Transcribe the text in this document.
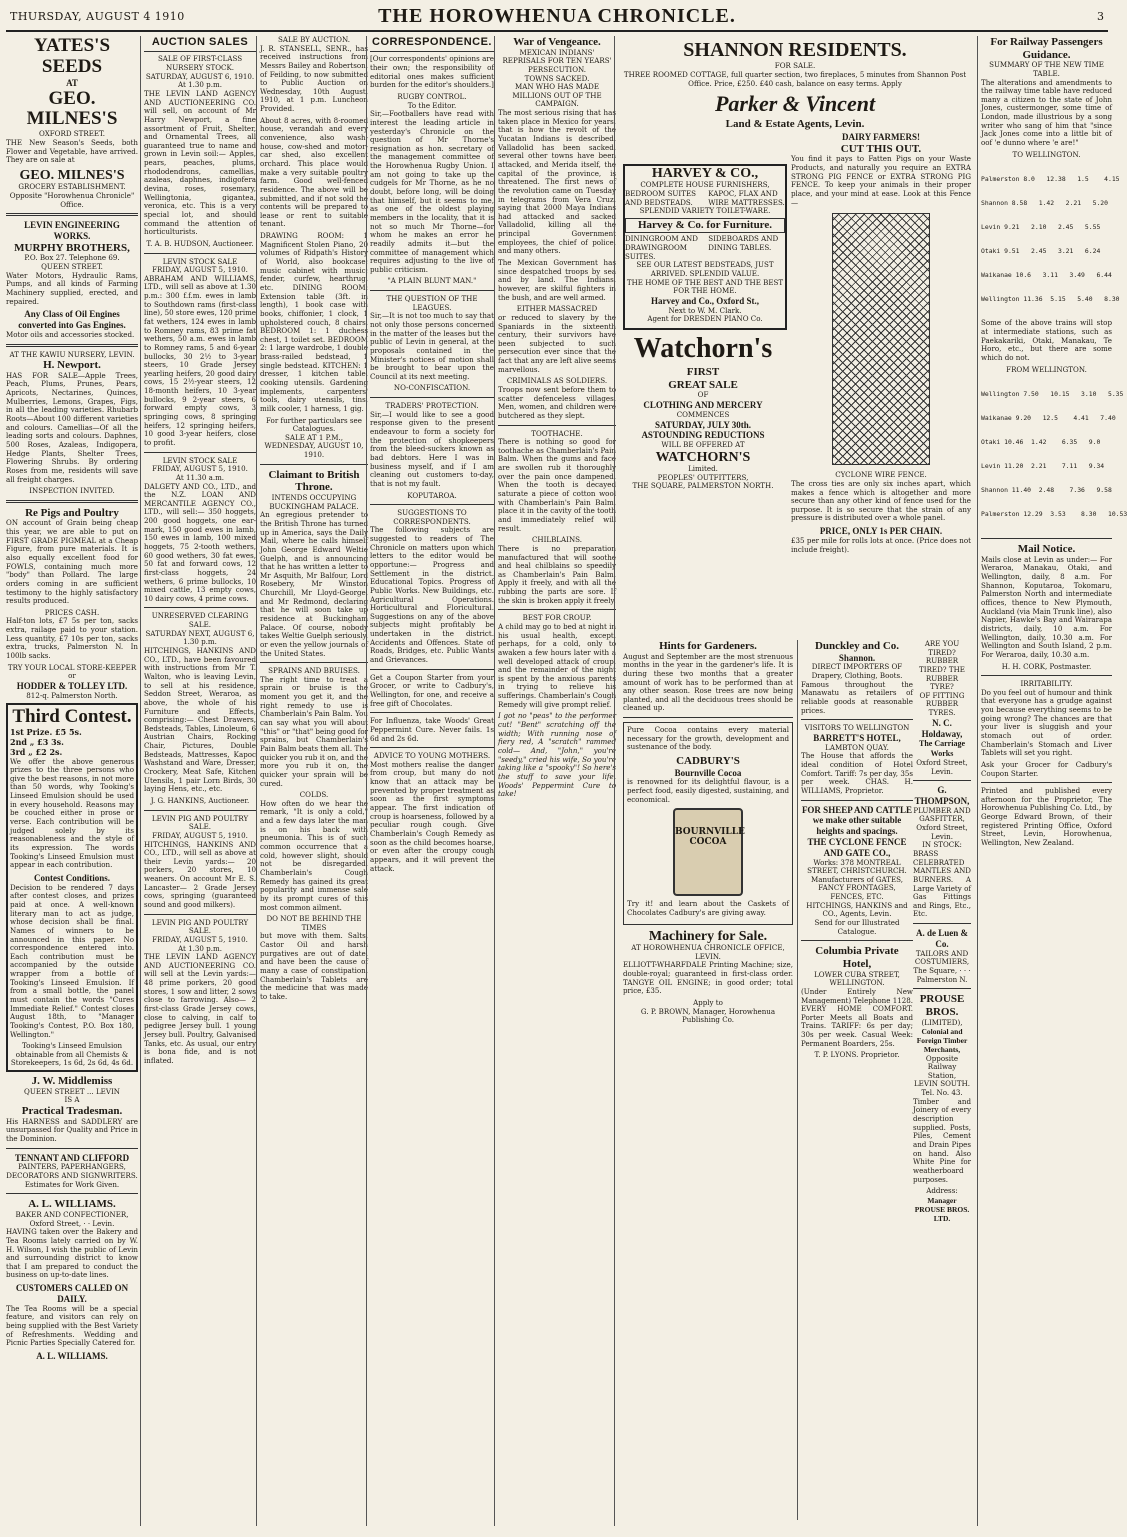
THURSDAY, AUGUST 4 1910	THE HOROWHENUA CHRONICLE.	3
YATES'S SEEDS
AT
GEO. MILNES'S
OXFORD STREET.

THE New Season's Seeds, both Flower and Vegetable, have arrived. They are on sale at

GEO. MILNES'S
GROCERY ESTABLISHMENT.
Opposite "Horowhenua Chronicle" Office.
LEVIN ENGINEERING WORKS.
MURPHY BROTHERS,
P.O. Box 27. Telephone 69.
QUEEN STREET.

Water Motors, Hydraulic Rams, Pumps, and all kinds of Farming Machinery supplied, erected, and repaired.

Any Class of Oil Engines converted into Gas Engines.

Motor oils and accessories stocked.

AT THE KAWIU NURSERY, LEVIN.
H. Newport.

HAS FOR SALE—Apple Trees, Peach, Plums, Prunes, Pears, Apricots, Nectarines, Quinces, Mulberries, Lemons, Grapes, Figs, in all the leading varieties. Rhubarb Roots—About 100 different varieties and colours. Camellias—Of all the leading sorts and colours. Daphnes, 500 Roses, Azaleas, Indigopera, Hedge Plants, Shelter Trees, Flowering Shrubs. By ordering Roses from me, residents will save all freight charges.

INSPECTION INVITED.
Re Pigs and Poultry

ON account of Grain being cheap this year, we are able to put on FIRST GRADE PIGMEAL at a Cheap Figure, from pure materials. It is also equally excellent food for FOWLS, containing much more "body" than Pollard. The large orders coming in are sufficient testimony to the highly satisfactory results produced.

PRICES CASH.

Half-ton lots, £7 5s per ton, sacks extra, railage paid to your station. Less quantity, £7 10s per ton, sacks extra, trucks, Palmerston N. In 100lb sacks.

TRY YOUR LOCAL STORE-KEEPER or
HODDER & TOLLEY LTD.
812-q. Palmerston North.
Third Contest.
1st Prize. £5 5s.
2nd „ £3 3s.
3rd „ £2 2s.

We offer the above generous prizes to the three persons who give the best reasons, in not more than 50 words, why Tooking's Linseed Emulsion should be used in every household. Reasons may be couched either in prose or verse. Each contribution will be judged solely by its reasonableness and the style of its expression. The words Tooking's Linseed Emulsion must appear in each contribution.

Contest Conditions.

Decision to be rendered 7 days after contest closes, and prizes paid at once. A well-known literary man to act as judge, whose decision shall be final. Names of winners to be announced in this paper. No correspondence entered into. Each contribution must be accompanied by the outside wrapper from a bottle of Tooking's Linseed Emulsion. If from a small bottle, the panel must contain the words "Cures Immediate Relief." Contest closes August 18th, to "Manager Tooking's Contest, P.O. Box 180, Wellington."

Tooking's Linseed Emulsion obtainable from all Chemists & Storekeepers, 1s 6d, 2s 6d, 4s 6d.
J. W. Middlemiss
QUEEN STREET ... LEVIN
IS A
Practical Tradesman.

His HARNESS and SADDLERY are unsurpassed for Quality and Price in the Dominion.

TENNANT AND CLIFFORD
PAINTERS, PAPERHANGERS, DECORATORS AND SIGNWRITERS.
Estimates for Work Given.
A. L. WILLIAMS.
BAKER AND CONFECTIONER,
Oxford Street, · · Levin.

HAVING taken over the Bakery and Tea Rooms lately carried on by W. H. Wilson, I wish the public of Levin and surrounding district to know that I am prepared to conduct the business on up-to-date lines.

CUSTOMERS CALLED ON DAILY.

The Tea Rooms will be a special feature, and visitors can rely on being supplied with the Best Variety of Refreshments. Wedding and Picnic Parties Specially Catered for.

A. L. WILLIAMS.
AUCTION SALES
SALE OF FIRST-CLASS NURSERY STOCK.
SATURDAY, AUGUST 6, 1910.
At 1.30 p.m.

THE LEVIN LAND AGENCY AND AUCTIONEERING CO. will sell, on account of Mr Harry Newport, a fine assortment of Fruit, Shelter, and Ornamental Trees, all guaranteed true to name and grown in Levin soil:— Apples, pears, peaches, plums, rhododendrons, camellias, azaleas, daphnes, indigofera devina, roses, rosemary, Wellingtonia, gigantea, veronica, etc. This is a very special lot, and should command the attention of horticulturists.

T. A. B. HUDSON, Auctioneer.
LEVIN STOCK SALE
FRIDAY, AUGUST 5, 1910.

ABRAHAM AND WILLIAMS, LTD., will sell as above at 1.30 p.m.: 300 f.f.m. ewes in lamb to Southdown rams (first-class line), 50 store ewes, 120 prime fat wethers, 124 ewes in lamb to Romney rams, 83 prime fat wethers, 50 a.m. ewes in lamb to Romney rams, 5 and 6-year bullocks, 30 2½ to 3-year steers, 10 Grade Jersey yearling heifers, 20 good dairy cows, 15 2½-year steers, 12 18-month heifers, 10 3-year bullocks, 9 2-year steers, 6 forward empty cows, 3 springing cows, 8 springing heifers, 12 springing heifers, 10 good 3-year heifers, close to profit.

LEVIN STOCK SALE
FRIDAY, AUGUST 5, 1910.
At 11.30 a.m.

DALGETY AND CO., LTD., and the N.Z. LOAN AND MERCANTILE AGENCY CO., LTD., will sell:— 350 hoggets, 200 good hoggets, one ear-mark, 150 good ewes in lamb, 150 ewes in lamb, 100 mixed hoggets, 75 2-tooth wethers, 60 good wethers, 30 fat ewes, 50 fat and forward cows, 12 first-class hoggets, 24 wethers, 6 prime bullocks, 10 mixed cattle, 13 empty cows, 10 dairy cows, 4 prime cows.

UNRESERVED CLEARING SALE.
SATURDAY NEXT, AUGUST 6, 1.30 p.m.

HITCHINGS, HANKINS AND CO., LTD., have been favoured with instructions from Mr T. Walton, who is leaving Levin, to sell at his residence, Seddon Street, Weraroa, as above, the whole of his Furniture and Effects, comprising:— Chest Drawers, Bedsteads, Tables, Linoleum, 6 Austrian Chairs, Rocking Chair, Pictures, Double Bedsteads, Mattresses, Kapoc Washstand and Ware, Dresser, Crockery, Meat Safe, Kitchen Utensils, 1 pair Lorn Birds, 30 laying Hens, etc., etc.

J. G. HANKINS, Auctioneer.
LEVIN PIG AND POULTRY SALE.
FRIDAY, AUGUST 5, 1910.

HITCHINGS, HANKINS AND CO., LTD., will sell as above at their Levin yards:— 20 porkers, 20 stores, 10 weaners. On account Mr E. S. Lancaster— 2 Grade Jersey cows, springing (guaranteed sound and good milkers).

LEVIN PIG AND POULTRY SALE.
FRIDAY, AUGUST 5, 1910.
At 1.30 p.m.

THE LEVIN LAND AGENCY AND AUCTIONEERING CO. will sell at the Levin yards:— 48 prime porkers, 20 good stores, 1 sow and litter, 2 sows close to farrowing. Also— 2 first-class Grade Jersey cows, close to calving, in calf to pedigree Jersey bull. 1 young Jersey bull. Poultry, Galvanised Tanks, etc. As usual, our entry is bona fide, and is not inflated.

SALE BY AUCTION.

J. R. STANSELL, SENR., has received instructions from Messrs Bailey and Robertson, of Feilding, to now submitted to Public Auction on Wednesday, 10th August, 1910, at 1 p.m. Luncheon Provided.

About 8 acres, with 8-roomed house, verandah and every convenience, also wash-house, cow-shed and motor-car shed, also excellent orchard. This place would make a very suitable poultry farm. Good well-fenced residence. The above will be submitted, and if not sold the contents will be prepared to lease or rent to suitable tenant.

DRAWING ROOM: 1 Magnificent Stolen Piano, 20 volumes of Ridpath's History of World, also bookcase; music cabinet with music; fender, curfew, hearthrug, etc. DINING ROOM: Extension table (3ft. in length), 1 book case with books, chiffonier, 1 clock, 1 upholstered couch, 8 chairs. BEDROOM 1: 1 duchess chest, 1 toilet set. BEDROOM 2: 1 large wardrobe, 1 double brass-railed bedstead, 1 single bedstead. KITCHEN: 1 dresser, 1 kitchen table, cooking utensils. Gardening implements, carpenters' tools, dairy utensils, tins, milk cooler, 1 harness, 1 gig.

For further particulars see Catalogues.
SALE AT 1 P.M., WEDNESDAY, AUGUST 10, 1910.
Claimant to British Throne.
INTENDS OCCUPYING BUCKINGHAM PALACE.

An egregious pretender to the British Throne has turned up in America, says the Daily Mail, where he calls himself John George Edward Weltie Guelph, and is announcing that he has written a letter to Mr Asquith, Mr Balfour, Lord Rosebery, Mr Winston Churchill, Mr Lloyd-George, and Mr Redmond, declaring that he will soon take up residence at Buckingham Palace. Of course, nobody takes Weltie Guelph seriously, or even the yellow journals of the United States.

SPRAINS AND BRUISES.

The right time to treat a sprain or bruise is the moment you get it, and the right remedy to use is Chamberlain's Pain Balm. You can say what you will about "this" or "that" being good for sprains, but Chamberlain's Pain Balm beats them all. The quicker you rub it on, and the more you rub it on, the quicker your sprain will be cured.

COLDS.

How often do we hear the remark, "It is only a cold," and a few days later the man is on his back with pneumonia. This is of such common occurrence that a cold, however slight, should not be disregarded. Chamberlain's Cough Remedy has gained its great popularity and immense sale by its prompt cures of this most common ailment.

DO NOT BE BEHIND THE TIMES

but move with them. Salts, Castor Oil and harsh purgatives are out of date, and have been the cause of many a case of constipation. Chamberlain's Tablets are the medicine that was made to take.

CORRESPONDENCE.

[Our correspondents' opinions are their own; the responsibility of editorial ones makes sufficient burden for the editor's shoulders.]

RUGBY CONTROL.
To the Editor.

Sir,—Footballers have read with interest the leading article in yesterday's Chronicle on the question of Mr Thorne's resignation as hon. secretary of the management committee of the Horowhenua Rugby Union. I am not going to take up the cudgels for Mr Thorne, as he no doubt, before long, will be doing that himself, but it seems to me, as one of the oldest playing members in the locality, that it is not so much Mr Thorne—for whom he makes an error he readily admits it—but the committee of management which requires adjusting to the live of public criticism.

"A PLAIN BLUNT MAN."
THE QUESTION OF THE LEAGUES.

Sir,—It is not too much to say that not only those persons concerned in the matter of the leases but the public of Levin in general, at the proposals contained in the Minister's notices of motion shall be brought to bear upon the Council at its next meeting.

NO-CONFISCATION.
TRADERS' PROTECTION.

Sir,—I would like to see a good response given to the present endeavour to form a society for the protection of shopkeepers from the bleed-suckers known as bad debtors. Here I was in business myself, and if I am cleaning out customers to-day, that is not my fault.

KOPUTAROA.
SUGGESTIONS TO CORRESPONDENTS.

The following subjects are suggested to readers of The Chronicle on matters upon which letters to the editor would be opportune:— Progress and Settlement in the district. Educational Topics. Progress of Public Works. New Buildings, etc. Agricultural Operations. Horticultural and Floricultural. Suggestions on any of the above subjects might profitably be undertaken in the district. Accidents and Offences. State of Roads, Bridges, etc. Public Wants and Grievances.

Get a Coupon Starter from your Grocer, or write to Cadbury's, Wellington, for one, and receive a free gift of Chocolates.

For Influenza, take Woods' Great Peppermint Cure. Never fails. 1s 6d and 2s 6d.

ADVICE TO YOUNG MOTHERS.

Most mothers realise the danger from croup, but many do not know that an attack may be prevented by proper treatment as soon as the first symptoms appear. The first indication of croup is hoarseness, followed by a peculiar rough cough. Give Chamberlain's Cough Remedy as soon as the child becomes hoarse, or even after the croupy cough appears, and it will prevent the attack.

War of Vengeance.
MEXICAN INDIANS' REPRISALS FOR TEN YEARS' PERSECUTION.
TOWNS SACKED.
MAN WHO HAS MADE MILLIONS OUT OF THE CAMPAIGN.

The most serious rising that has taken place in Mexico for years, that is how the revolt of the Yucatan Indians is described. Valladolid has been sacked, several other towns have been attacked, and Merida itself, the capital of the province, is threatened. The first news of the revolution came on Tuesday in telegrams from Vera Cruz, saying that 2000 Maya Indians had attacked and sacked Valladolid, killing all the principal Government employees, the chief of police, and many others.

The Mexican Government has since despatched troops by sea and by land. The Indians, however, are skilful fighters in the bush, and are well armed.

EITHER MASSACRED

or reduced to slavery by the Spaniards in the sixteenth century, their survivors have been subjected to such persecution ever since that the fact that any are left alive seems marvellous.

CRIMINALS AS SOLDIERS.

Troops now sent before them to scatter defenceless villages. Men, women, and children were butchered as they slept.

TOOTHACHE.

There is nothing so good for toothache as Chamberlain's Pain Balm. When the gums and face are swollen rub it thoroughly over the pain once dampened. When the tooth is decayed saturate a piece of cotton wool with Chamberlain's Pain Balm, place it in the cavity of the tooth and immediately relief will result.

CHILBLAINS.

There is no preparation manufactured that will soothe and heal chilblains so speedily as Chamberlain's Pain Balm. Apply it freely, and with all the rubbing the parts are sore. If the skin is broken apply it freely.

BEST FOR CROUP.

A child may go to bed at night in his usual health, except, perhaps, for a cold, only to awaken a few hours later with a well developed attack of croup, and the remainder of the night is spent by the anxious parents in trying to relieve his sufferings. Chamberlain's Cough Remedy will give prompt relief.

I got no "peas" to the performer cut! "Bent" scratching off the width; With running nose of fiery red, A "scratch" rammed cold— And, "John," you're "seedy," cried his wife, So you're taking like a "spooky"! So here's the stuff to save your life, Woods' Peppermint Cure to take!

SHANNON RESIDENTS.
FOR SALE.

THREE ROOMED COTTAGE, full quarter section, two fireplaces, 5 minutes from Shannon Post Office. Price, £250. £40 cash, balance on easy terms. Apply

Parker & Vincent
Land & Estate Agents, Levin.
HARVEY & CO.,
COMPLETE HOUSE FURNISHERS,
BEDROOM SUITES AND BEDSTEADS.
KAPOC, FLAX AND WIRE MATTRESSES.
SPLENDID VARIETY TOILET-WARE.
Harvey & Co. for Furniture.
DININGROOM AND DRAWINGROOM SUITES.
SIDEBOARDS AND DINING TABLES.
SEE OUR LATEST BEDSTEADS, JUST ARRIVED. SPLENDID VALUE.
THE HOME OF THE BEST AND THE BEST FOR THE HOME.
Harvey and Co., Oxford St.,
Next to W. M. Clark.
Agent for DRESDEN PIANO Co.
Watchorn's
FIRST
GREAT SALE
OF
CLOTHING AND MERCERY
COMMENCES
SATURDAY, JULY 30th.
ASTOUNDING REDUCTIONS
WILL BE OFFERED AT
WATCHORN'S
Limited.
PEOPLES' OUTFITTERS,
THE SQUARE, PALMERSTON NORTH.
DAIRY FARMERS!
CUT THIS OUT.

You find it pays to Fatten Pigs on your Waste Products, and naturally you require an EXTRA STRONG PIG FENCE or EXTRA STRONG PIG FENCE. To keep your animals in their proper place, and your mind at ease. Look at this Fence—

CYCLONE WIRE FENCE.

The cross ties are only six inches apart, which makes a fence which is altogether and more secure than any other kind of fence used for the purpose. It is so secure that the strain of any pressure is distributed over a whole panel.

PRICE, ONLY 1s PER CHAIN.

£35 per mile for rolls lots at once. (Price does not include freight).

Hints for Gardeners.

August and September are the most strenuous months in the year in the gardener's life. It is during these two months that a greater amount of work has to be performed than at any other season. Rose trees are now being planted, and all the deciduous trees should be cleaned up.

Pure Cocoa contains every material necessary for the growth, development and sustenance of the body.

CADBURY'S
Bournville Cocoa

is renowned for its delightful flavour, is a perfect food, easily digested, sustaining, and economical.

BOURNVILLE COCOA

Try it! and learn about the Caskets of Chocolates Cadbury's are giving away.

Machinery for Sale.
AT HOROWHENUA CHRONICLE OFFICE, LEVIN.

ELLIOTT-WHARFDALE Printing Machine; size, double-royal; guaranteed in first-class order. TANGYE OIL ENGINE; in good order; total price, £35.

Apply to
G. P. BROWN, Manager, Horowhenua Publishing Co.
Dunckley and Co.
Shannon.
DIRECT IMPORTERS OF Drapery, Clothing, Boots.

Famous throughout the Manawatu as retailers of reliable goods at reasonable prices.

VISITORS TO WELLINGTON
BARRETT'S HOTEL,
LAMBTON QUAY.

The House that affords the ideal condition of Hotel Comfort. Tariff: 7s per day, 35s per week. CHAS. H. WILLIAMS, Proprietor.

FOR SHEEP AND CATTLE we make other suitable heights and spacings.
THE CYCLONE FENCE AND GATE CO.,
Works: 378 MONTREAL STREET, CHRISTCHURCH.
Manufacturers of GATES, FANCY FRONTAGES, FENCES, ETC.
HITCHINGS, HANKINS and CO., Agents, Levin.
Send for our Illustrated Catalogue.
Columbia Private Hotel,
LOWER CUBA STREET, WELLINGTON.

(Under Entirely New Management) Telephone 1128. EVERY HOME COMFORT. Porter Meets all Boats and Trains. TARIFF: 6s per day; 30s per week. Casual Week: Permanent Boarders, 25s.

T. P. LYONS. Proprietor.
ARE YOU TIRED? RUBBER TIRED? THE RUBBER TYRE?
OF FITTING RUBBER TYRES.
N. C. Holdaway,
The Carriage Works
Oxford Street, Levin.
G. THOMPSON,
PLUMBER AND GASFITTER, Oxford Street, Levin.
IN STOCK:

BRASS CELEBRATED MANTLES AND BURNERS. A Large Variety of Gas Fittings and Rings, Etc., Etc.

A. de Luen & Co.
TAILORS AND COSTUMIERS, The Square, · · · Palmerston N.
PROUSE BROS.
(LIMITED),
Colonial and Foreign Timber Merchants,
Opposite Railway Station,
LEVIN SOUTH. Tel. No. 43.

Timber and Joinery of every description supplied. Posts, Piles, Cement and Drain Pipes on hand. Also White Pine for weatherboard purposes.

Address:
Manager PROUSE BROS. LTD.
For Railway Passengers Guidance.
SUMMARY OF THE NEW TIME TABLE.

The alterations and amendments to the railway time table have reduced many a citizen to the state of John Jones, custermonger, some time of London, made illustrious by a song writer who sang of him that "since Jack Jones come into a little bit of oof 'e dunno where 'e are!"

TO WELLINGTON.

Palmerston 8.0   12.38   1.5    4.15

Shannon 8.58   1.42   2.21   5.20

Levin 9.21   2.10   2.45   5.55

Otaki 9.51   2.45   3.21   6.24

Waikanae 10.6   3.11   3.49   6.44

Wellington 11.36  5.15   5.40   8.30

Some of the above trains will stop at intermediate stations, such as Paekakariki, Otaki, Manakau, Te Horo, etc., but there are some which do not.

FROM WELLINGTON.

Wellington 7.50   10.15   3.10   5.35

Waikanae 9.20   12.5    4.41   7.40

Otaki 10.46  1.42    6.35   9.0

Levin 11.20  2.21    7.11   9.34

Shannon 11.40  2.48    7.36   9.58

Palmerston 12.29  3.53    8.30   10.53

Mail Notice.

Mails close at Levin as under:— For Weraroa, Manakau, Otaki, and Wellington, daily, 8 a.m. For Shannon, Koputaroa, Tokomaru, Palmerston North and intermediate offices, thence to New Plymouth, Auckland (via Main Trunk line), also Napier, Hawke's Bay and Wairarapa districts, daily, 10 a.m. For Wellington, daily, 10.30 a.m. For Wellington and South Island, 2 p.m. For Weraroa, daily, 10.30 a.m.

H. H. CORK, Postmaster.
IRRITABILITY.

Do you feel out of humour and think that everyone has a grudge against you because everything seems to be going wrong? The chances are that your liver is sluggish and your stomach out of order. Chamberlain's Stomach and Liver Tablets will set you right.

Ask your Grocer for Cadbury's Coupon Starter.

Printed and published every afternoon for the Proprietor, The Horowhenua Publishing Co. Ltd., by George Edward Brown, of their registered Printing Office, Oxford Street, Levin, Horowhenua, Wellington, New Zealand.
